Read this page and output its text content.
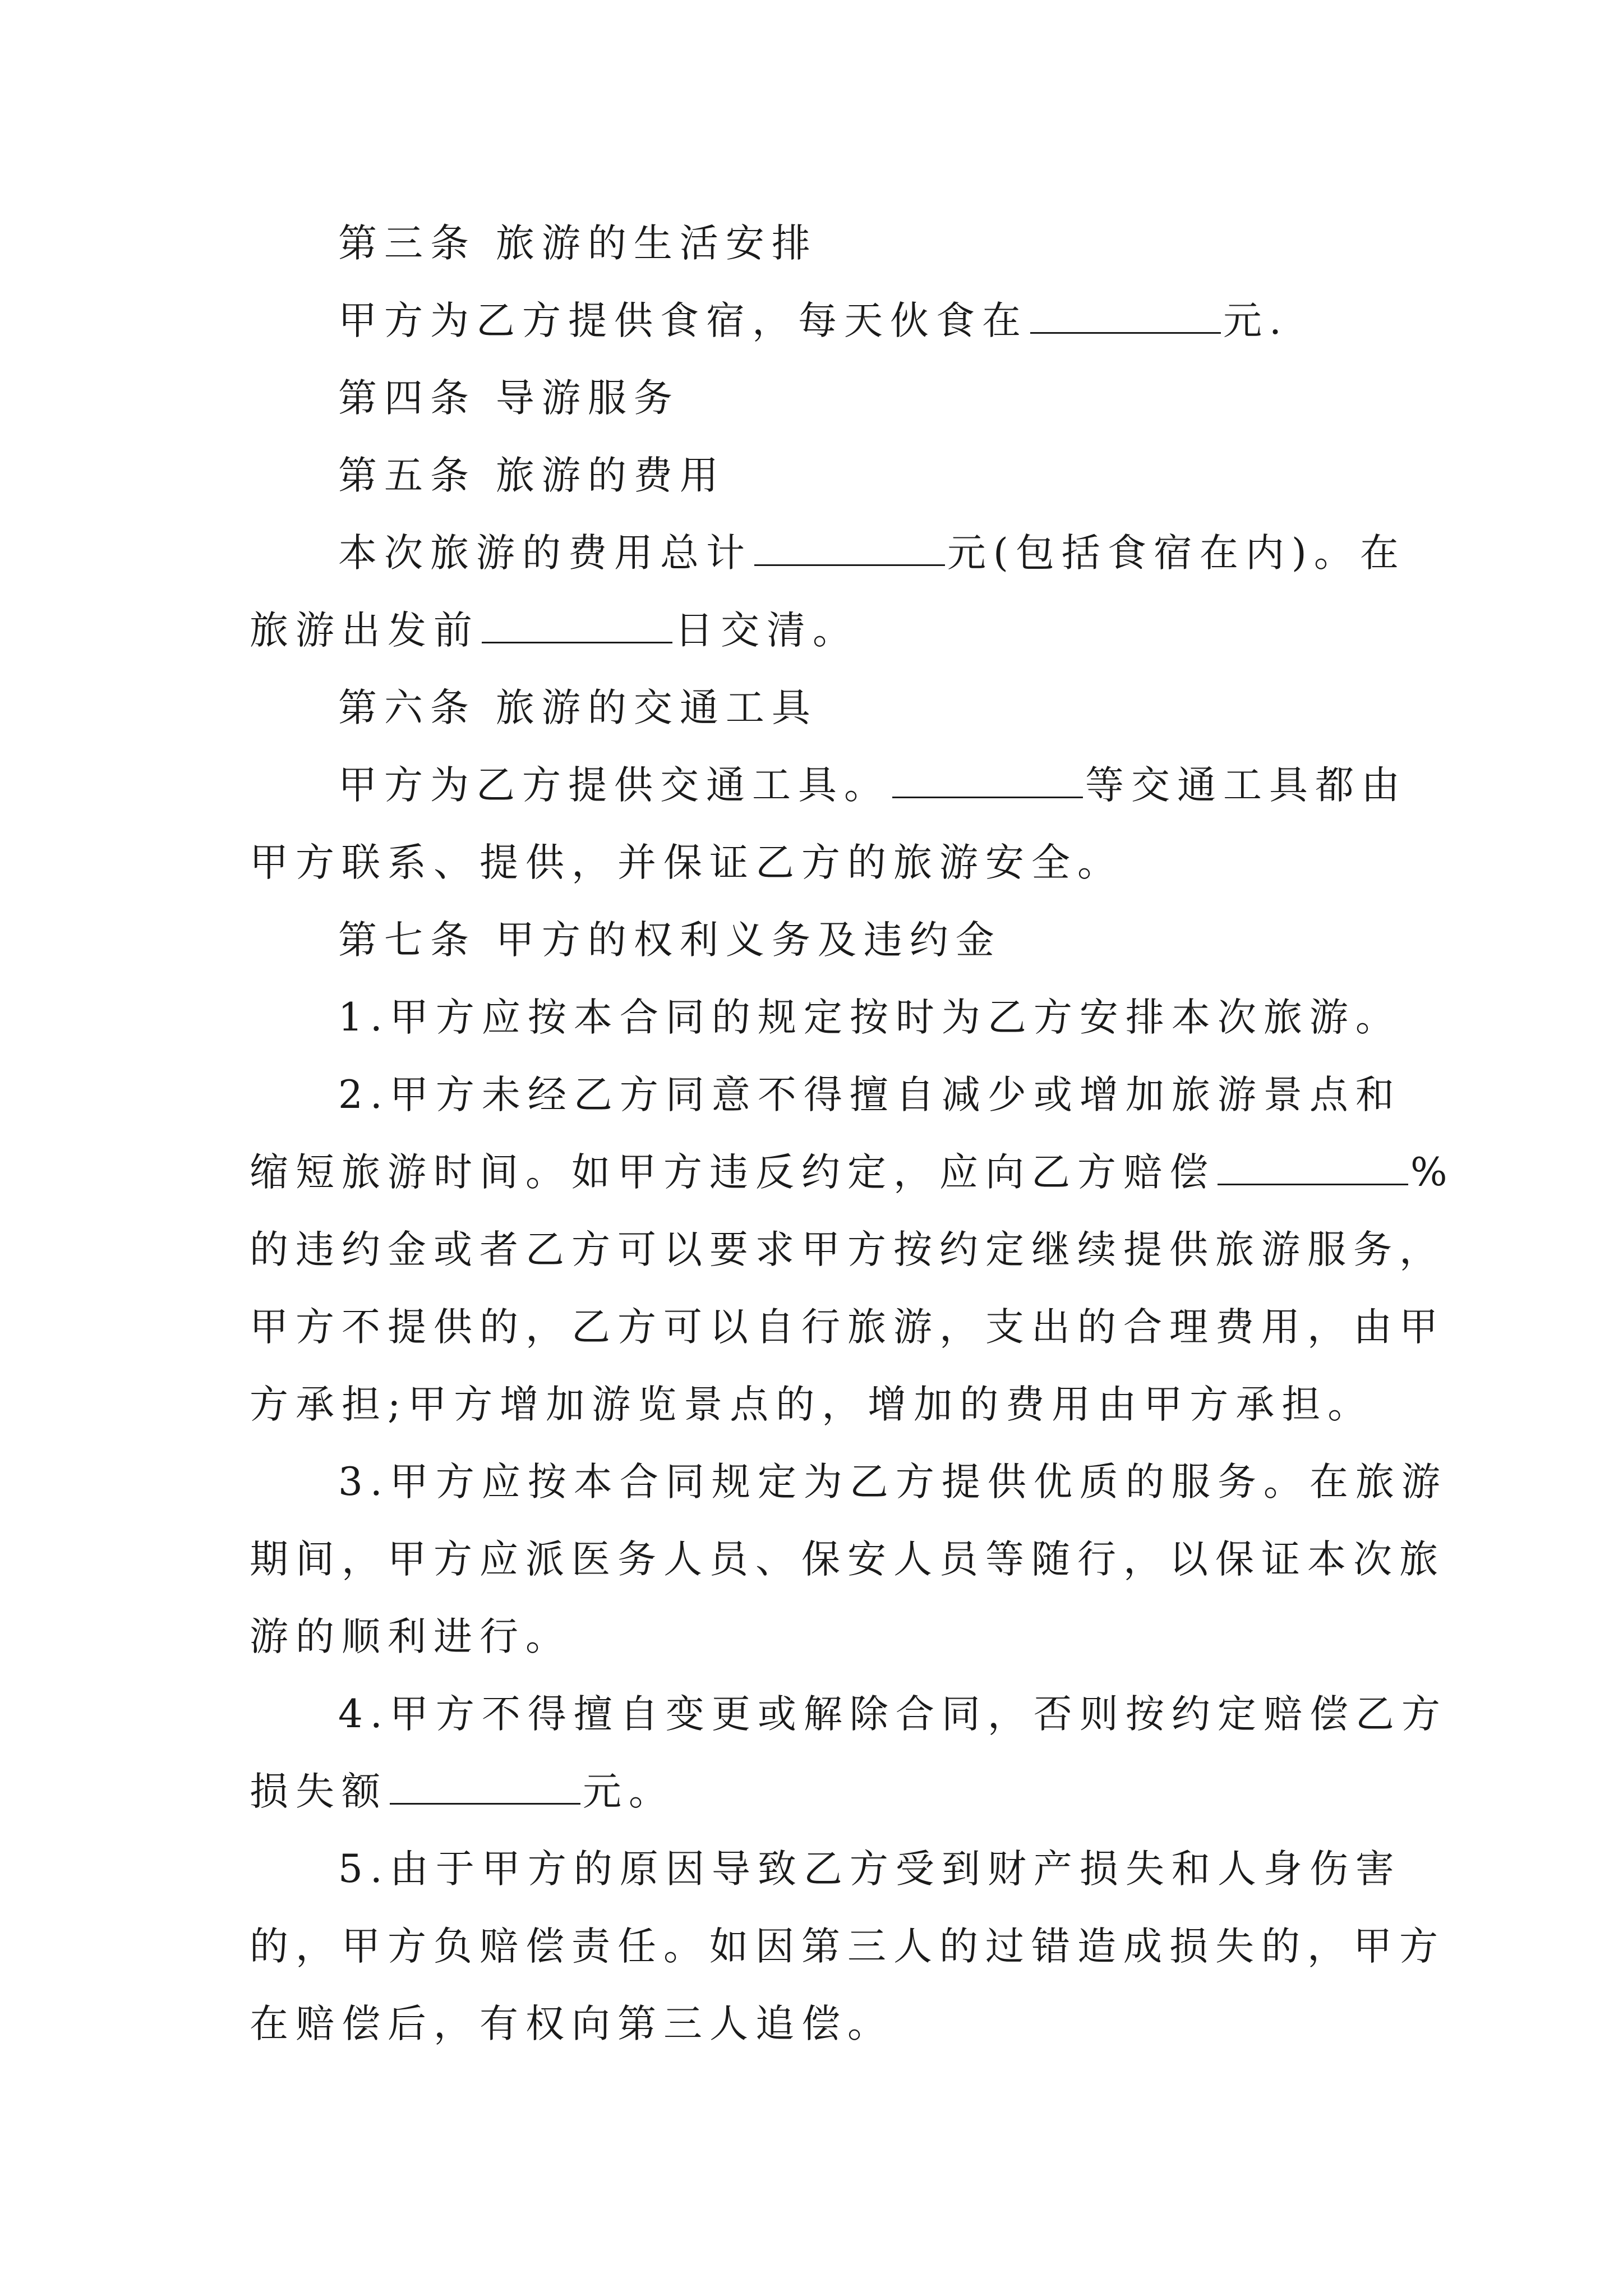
第三条 旅游的生活安排

甲方为乙方提供食宿，每天伙食在	元.

第四条 导游服务

第五条 旅游的费用

本次旅游的费用总计	元(包括食宿在内)。在

旅游出发前	日交清。

第六条 旅游的交通工具

甲方为乙方提供交通工具。	等交通工具都由

甲方联系、提供，并保证乙方的旅游安全。

第七条 甲方的权利义务及违约金

1.甲方应按本合同的规定按时为乙方安排本次旅游。

2.甲方未经乙方同意不得擅自减少或增加旅游景点和

缩短旅游时间。如甲方违反约定，应向乙方赔偿	%

的违约金或者乙方可以要求甲方按约定继续提供旅游服务，

甲方不提供的，乙方可以自行旅游，支出的合理费用，由甲

方承担;甲方增加游览景点的，增加的费用由甲方承担。

3.甲方应按本合同规定为乙方提供优质的服务。在旅游

期间，甲方应派医务人员、保安人员等随行，以保证本次旅

游的顺利进行。

4.甲方不得擅自变更或解除合同，否则按约定赔偿乙方

损失额	元。

5.由于甲方的原因导致乙方受到财产损失和人身伤害

的，甲方负赔偿责任。如因第三人的过错造成损失的，甲方

在赔偿后，有权向第三人追偿。
